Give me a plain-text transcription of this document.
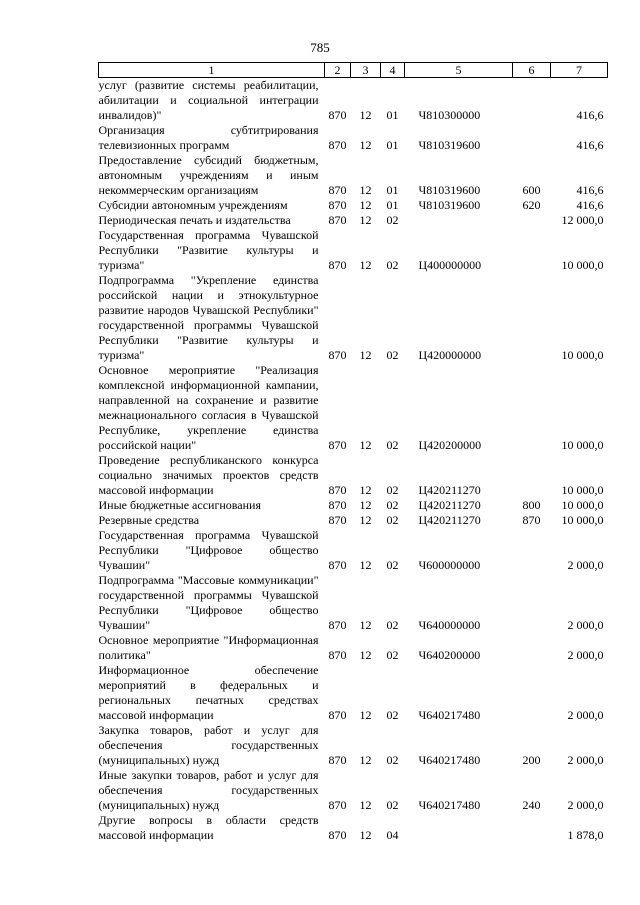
785
1	2	3	4	5	6	7
услуг (развитие системы реабилитации, абилитации и социальной интеграции инвалидов)"	870	12	01	Ч810300000		416,6
Организация субтитрирования телевизионных программ	870	12	01	Ч810319600		416,6
Предоставление субсидий бюджетным, автономным учреждениям и иным некоммерческим организациям	870	12	01	Ч810319600	600	416,6
Субсидии автономным учреждениям	870	12	01	Ч810319600	620	416,6
Периодическая печать и издательства	870	12	02			12 000,0
Государственная программа Чувашской Республики "Развитие культуры и туризма"	870	12	02	Ц400000000		10 000,0
Подпрограмма "Укрепление единства российской нации и этнокультурное развитие народов Чувашской Республики" государственной программы Чувашской Республики "Развитие культуры и туризма"	870	12	02	Ц420000000		10 000,0
Основное мероприятие "Реализация комплексной информационной кампании, направленной на сохранение и развитие межнационального согласия в Чувашской Республике, укрепление единства российской нации"	870	12	02	Ц420200000		10 000,0
Проведение республиканского конкурса социально значимых проектов средств массовой информации	870	12	02	Ц420211270		10 000,0
Иные бюджетные ассигнования	870	12	02	Ц420211270	800	10 000,0
Резервные средства	870	12	02	Ц420211270	870	10 000,0
Государственная программа Чувашской Республики "Цифровое общество Чувашии"	870	12	02	Ч600000000		2 000,0
Подпрограмма "Массовые коммуникации" государственной программы Чувашской Республики "Цифровое общество Чувашии"	870	12	02	Ч640000000		2 000,0
Основное мероприятие "Информационная политика"	870	12	02	Ч640200000		2 000,0
Информационное обеспечение мероприятий в федеральных и региональных печатных средствах массовой информации	870	12	02	Ч640217480		2 000,0
Закупка товаров, работ и услуг для обеспечения государственных (муниципальных) нужд	870	12	02	Ч640217480	200	2 000,0
Иные закупки товаров, работ и услуг для обеспечения государственных (муниципальных) нужд	870	12	02	Ч640217480	240	2 000,0
Другие вопросы в области средств массовой информации	870	12	04			1 878,0
